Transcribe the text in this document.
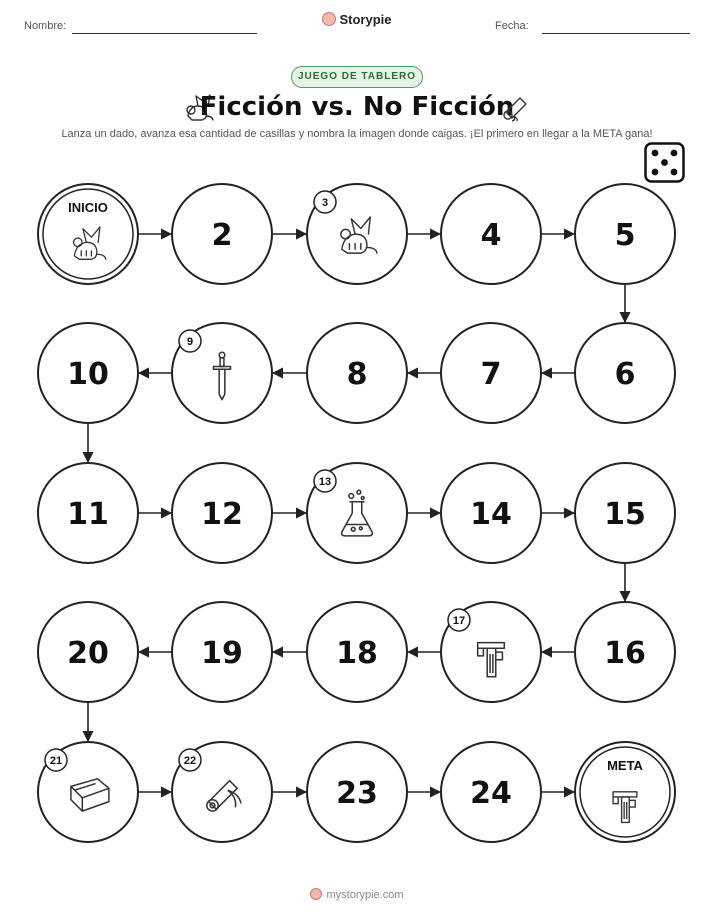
Nombre:	Storypie	Fecha:
JUEGO DE TABLERO
Ficción vs. No Ficción
Lanza un dado, avanza esa cantidad de casillas y nombra la imagen donde caigas. ¡El primero en llegar a la META gana!
INICIO
2
3
4	5
6
7
8
9
10
11	12
13
14	15
16
17
18
19
20
21	22
23	24
META
mystorypie.com
